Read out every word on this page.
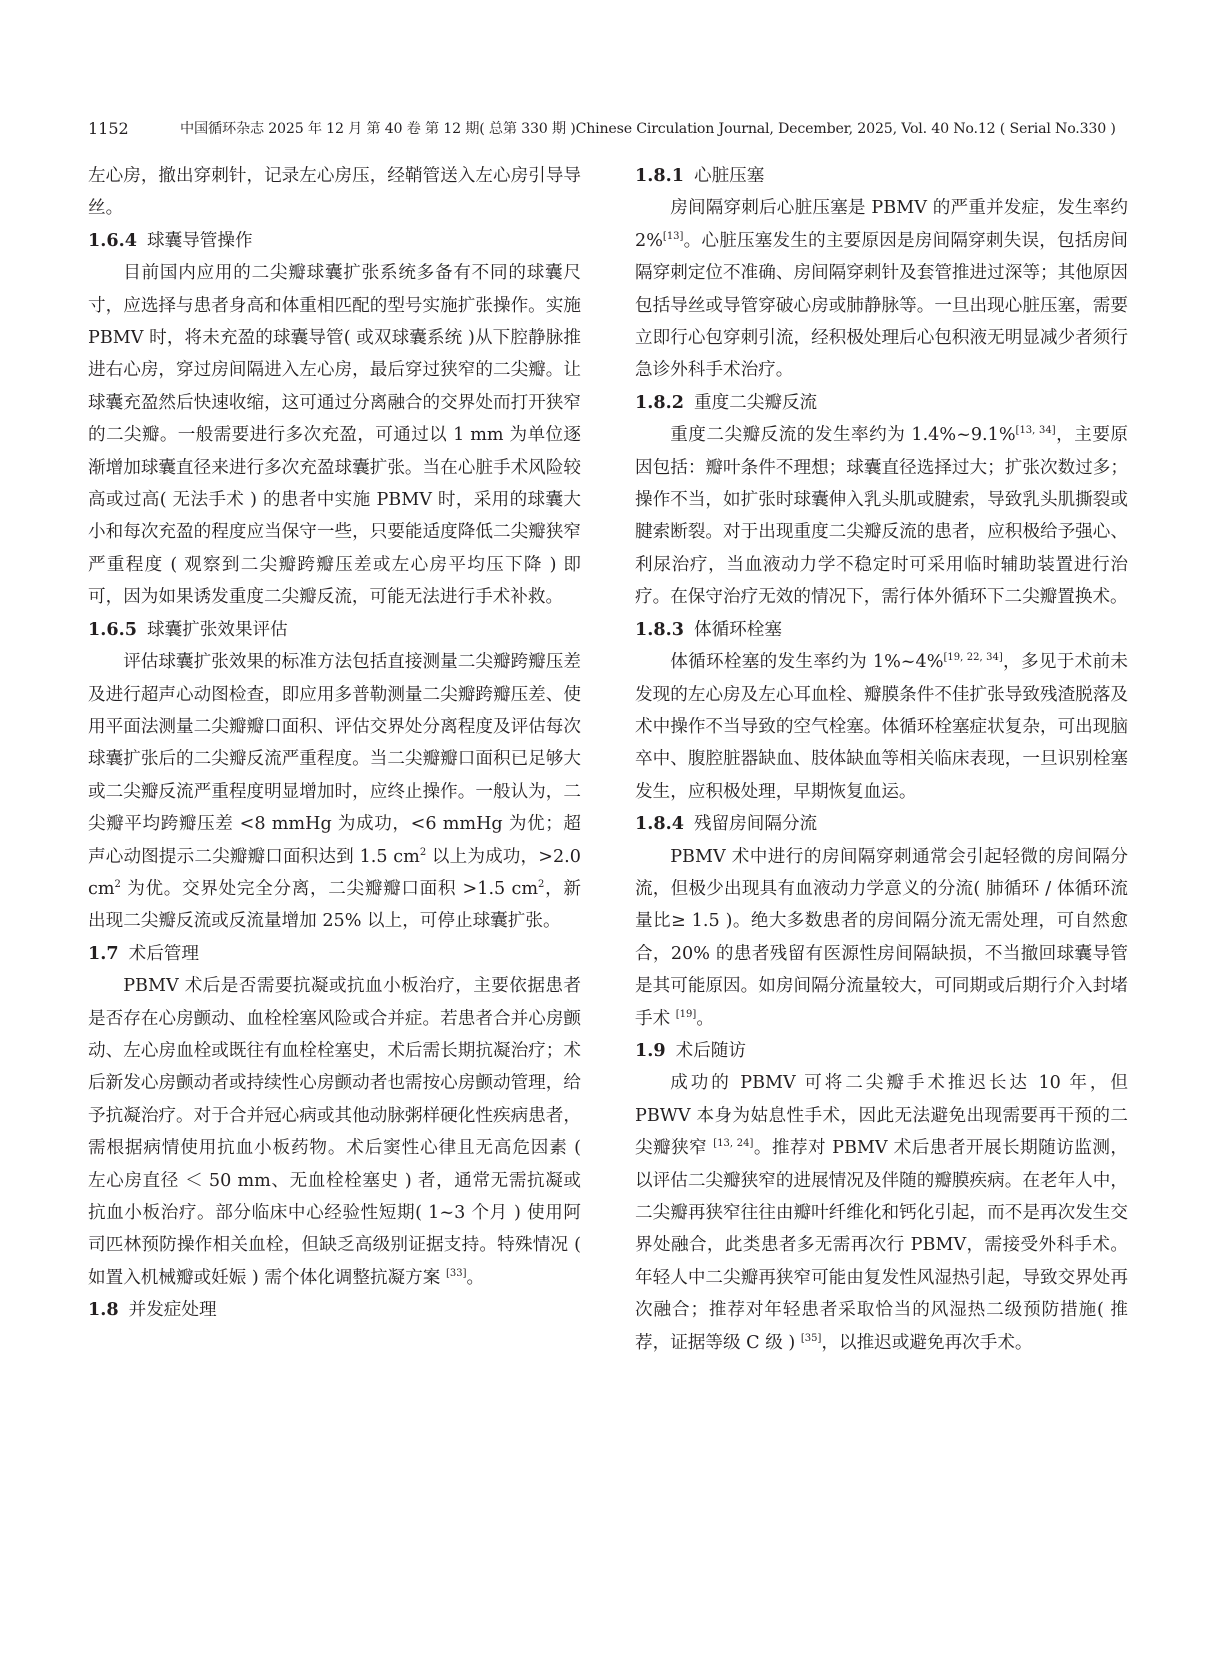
1152	中国循环杂志 2025 年 12 月 第 40 卷 第 12 期( 总第 330 期 )Chinese Circulation Journal, December, 2025, Vol. 40 No.12 ( Serial No.330 )

左心房，撤出穿刺针，记录左心房压，经鞘管送入左心房引导导丝。

1.6.4 球囊导管操作

目前国内应用的二尖瓣球囊扩张系统多备有不同的球囊尺寸，应选择与患者身高和体重相匹配的型号实施扩张操作。实施 PBMV 时，将未充盈的球囊导管( 或双球囊系统 )从下腔静脉推进右心房，穿过房间隔进入左心房，最后穿过狭窄的二尖瓣。让球囊充盈然后快速收缩，这可通过分离融合的交界处而打开狭窄的二尖瓣。一般需要进行多次充盈，可通过以 1 mm 为单位逐渐增加球囊直径来进行多次充盈球囊扩张。当在心脏手术风险较高或过高( 无法手术 ) 的患者中实施 PBMV 时，采用的球囊大小和每次充盈的程度应当保守一些，只要能适度降低二尖瓣狭窄严重程度 ( 观察到二尖瓣跨瓣压差或左心房平均压下降 ) 即可，因为如果诱发重度二尖瓣反流，可能无法进行手术补救。

1.6.5 球囊扩张效果评估

评估球囊扩张效果的标准方法包括直接测量二尖瓣跨瓣压差及进行超声心动图检查，即应用多普勒测量二尖瓣跨瓣压差、使用平面法测量二尖瓣瓣口面积、评估交界处分离程度及评估每次球囊扩张后的二尖瓣反流严重程度。当二尖瓣瓣口面积已足够大或二尖瓣反流严重程度明显增加时，应终止操作。一般认为，二尖瓣平均跨瓣压差 <8 mmHg 为成功，<6 mmHg 为优；超声心动图提示二尖瓣瓣口面积达到 1.5 $cm^2$ 以上为成功，>2.0 $cm^2$ 为优。交界处完全分离，二尖瓣瓣口面积 >1.5 $cm^2$，新出现二尖瓣反流或反流量增加 25% 以上，可停止球囊扩张。

1.7 术后管理

PBMV 术后是否需要抗凝或抗血小板治疗，主要依据患者是否存在心房颤动、血栓栓塞风险或合并症。若患者合并心房颤动、左心房血栓或既往有血栓栓塞史，术后需长期抗凝治疗；术后新发心房颤动者或持续性心房颤动者也需按心房颤动管理，给予抗凝治疗。对于合并冠心病或其他动脉粥样硬化性疾病患者，需根据病情使用抗血小板药物。术后窦性心律且无高危因素 ( 左心房直径 ＜ 50 mm、无血栓栓塞史 ) 者，通常无需抗凝或抗血小板治疗。部分临床中心经验性短期( 1~3 个月 ) 使用阿司匹林预防操作相关血栓，但缺乏高级别证据支持。特殊情况 ( 如置入机械瓣或妊娠 ) 需个体化调整抗凝方案 [33]。

1.8 并发症处理
1.8.1 心脏压塞

房间隔穿刺后心脏压塞是 PBMV 的严重并发症，发生率约 2%[13]。心脏压塞发生的主要原因是房间隔穿刺失误，包括房间隔穿刺定位不准确、房间隔穿刺针及套管推进过深等；其他原因包括导丝或导管穿破心房或肺静脉等。一旦出现心脏压塞，需要立即行心包穿刺引流，经积极处理后心包积液无明显减少者须行急诊外科手术治疗。

1.8.2 重度二尖瓣反流

重度二尖瓣反流的发生率约为 1.4%~9.1%[13, 34]，主要原因包括：瓣叶条件不理想；球囊直径选择过大；扩张次数过多；操作不当，如扩张时球囊伸入乳头肌或腱索，导致乳头肌撕裂或腱索断裂。对于出现重度二尖瓣反流的患者，应积极给予强心、利尿治疗，当血液动力学不稳定时可采用临时辅助装置进行治疗。在保守治疗无效的情况下，需行体外循环下二尖瓣置换术。

1.8.3 体循环栓塞

体循环栓塞的发生率约为 1%~4%[19, 22, 34]，多见于术前未发现的左心房及左心耳血栓、瓣膜条件不佳扩张导致残渣脱落及术中操作不当导致的空气栓塞。体循环栓塞症状复杂，可出现脑卒中、腹腔脏器缺血、肢体缺血等相关临床表现，一旦识别栓塞发生，应积极处理，早期恢复血运。

1.8.4 残留房间隔分流

PBMV 术中进行的房间隔穿刺通常会引起轻微的房间隔分流，但极少出现具有血液动力学意义的分流( 肺循环 / 体循环流量比≥ 1.5 )。绝大多数患者的房间隔分流无需处理，可自然愈合，20% 的患者残留有医源性房间隔缺损，不当撤回球囊导管是其可能原因。如房间隔分流量较大，可同期或后期行介入封堵手术 [19]。

1.9 术后随访

成功的 PBMV 可将二尖瓣手术推迟长达 10 年，但 PBWV 本身为姑息性手术，因此无法避免出现需要再干预的二尖瓣狭窄 [13, 24]。推荐对 PBMV 术后患者开展长期随访监测，以评估二尖瓣狭窄的进展情况及伴随的瓣膜疾病。在老年人中，二尖瓣再狭窄往往由瓣叶纤维化和钙化引起，而不是再次发生交界处融合，此类患者多无需再次行 PBMV，需接受外科手术。年轻人中二尖瓣再狭窄可能由复发性风湿热引起，导致交界处再次融合；推荐对年轻患者采取恰当的风湿热二级预防措施( 推荐，证据等级 C 级 ) [35]，以推迟或避免再次手术。
